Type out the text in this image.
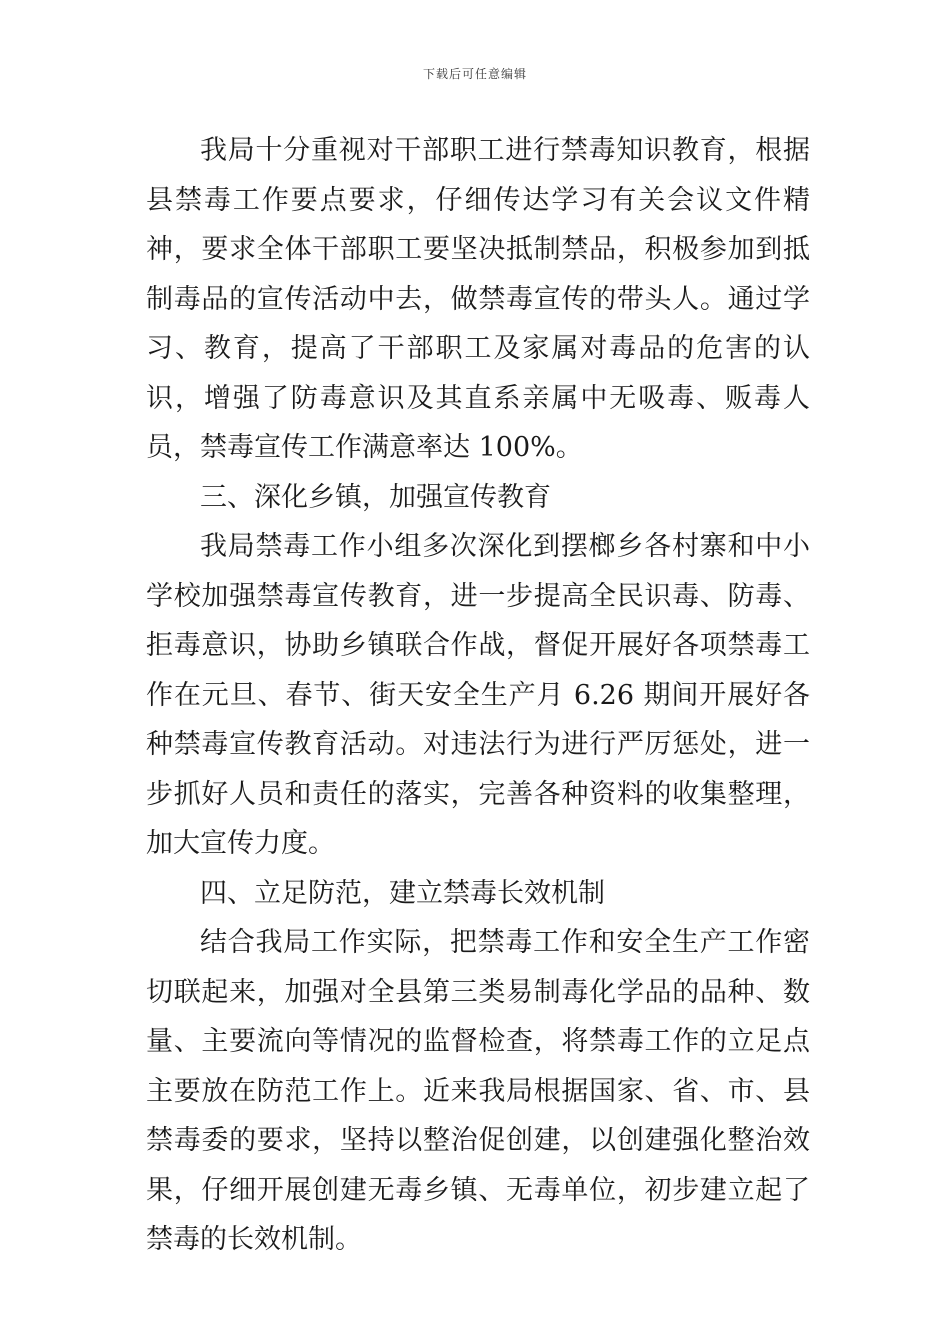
下载后可任意编辑

我局十分重视对干部职工进行禁毒知识教育，根据县禁毒工作要点要求，仔细传达学习有关会议文件精神，要求全体干部职工要坚决抵制禁品，积极参加到抵制毒品的宣传活动中去，做禁毒宣传的带头人。通过学习、教育，提高了干部职工及家属对毒品的危害的认识，增强了防毒意识及其直系亲属中无吸毒、贩毒人员，禁毒宣传工作满意率达 100%。

三、深化乡镇，加强宣传教育

我局禁毒工作小组多次深化到摆榔乡各村寨和中小学校加强禁毒宣传教育，进一步提高全民识毒、防毒、拒毒意识，协助乡镇联合作战，督促开展好各项禁毒工作在元旦、春节、街天安全生产月 6.26 期间开展好各种禁毒宣传教育活动。对违法行为进行严厉惩处，进一步抓好人员和责任的落实，完善各种资料的收集整理，加大宣传力度。

四、立足防范，建立禁毒长效机制

结合我局工作实际，把禁毒工作和安全生产工作密切联起来，加强对全县第三类易制毒化学品的品种、数量、主要流向等情况的监督检查，将禁毒工作的立足点主要放在防范工作上。近来我局根据国家、省、市、县禁毒委的要求，坚持以整治促创建，以创建强化整治效果，仔细开展创建无毒乡镇、无毒单位，初步建立起了禁毒的长效机制。
